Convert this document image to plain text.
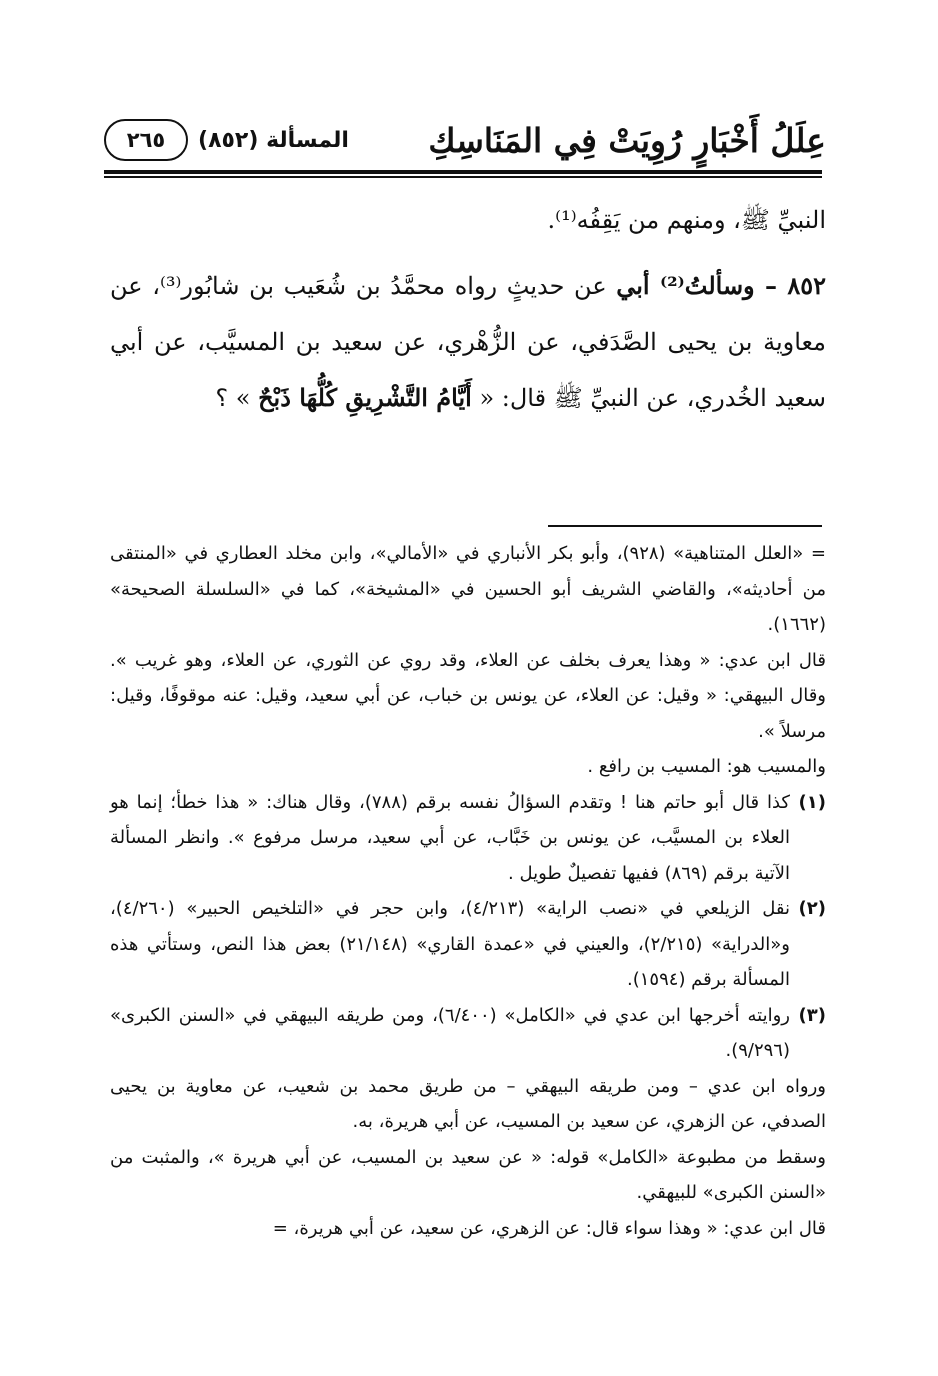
عِلَلُ أَخْبَارٍ رُوِيَتْ فِي المَنَاسِكِ
المسألة (٨٥٢)
٢٦٥

النبيِّ ﷺ، ومنهم من يَقِفُه⁽¹⁾.

٨٥٢ – وسألتُ⁽²⁾ أبي عن حديثٍ رواه محمَّدُ بن شُعَيب بن شابُور⁽³⁾، عن معاوية بن يحيى الصَّدَفي، عن الزُّهْري، عن سعيد بن المسيَّب، عن أبي سعيد الخُدري، عن النبيِّ ﷺ قال: « أَيَّامُ التَّشْرِيقِ كُلُّهَا ذَبْحٌ » ؟

= «العلل المتناهية» (٩٢٨)، وأبو بكر الأنباري في «الأمالي»، وابن مخلد العطاري في «المنتقى من أحاديثه»، والقاضي الشريف أبو الحسين في «المشيخة»، كما في «السلسلة الصحيحة» (١٦٦٢).

قال ابن عدي: « وهذا يعرف بخلف عن العلاء، وقد روي عن الثوري، عن العلاء، وهو غريب ». وقال البيهقي: « وقيل: عن العلاء، عن يونس بن خباب، عن أبي سعيد، وقيل: عنه موقوفًا، وقيل: مرسلاً ».

والمسيب هو: المسيب بن رافع .

(١)
كذا قال أبو حاتم هنا ! وتقدم السؤالُ نفسه برقم (٧٨٨)، وقال هناك: « هذا خطأ؛ إنما هو العلاء بن المسيَّب، عن يونس بن خَبَّاب، عن أبي سعيد، مرسل مرفوع ». وانظر المسألة الآتية برقم (٨٦٩) ففيها تفصيلٌ طويل .
(٢)
نقل الزيلعي في «نصب الراية» (٤/٢١٣)، وابن حجر في «التلخيص الحبير» (٤/٢٦٠)، و«الدراية» (٢/٢١٥)، والعيني في «عمدة القاري» (٢١/١٤٨) بعض هذا النص، وستأتي هذه المسألة برقم (١٥٩٤).
(٣)
روايته أخرجها ابن عدي في «الكامل» (٦/٤٠٠)، ومن طريقه البيهقي في «السنن الكبرى» (٩/٢٩٦).

ورواه ابن عدي – ومن طريقه البيهقي – من طريق محمد بن شعيب، عن معاوية بن يحيى الصدفي، عن الزهري، عن سعيد بن المسيب، عن أبي هريرة، به.

وسقط من مطبوعة «الكامل» قوله: « عن سعيد بن المسيب، عن أبي هريرة »، والمثبت من «السنن الكبرى» للبيهقي.

قال ابن عدي: « وهذا سواء قال: عن الزهري، عن سعيد، عن أبي هريرة، =
